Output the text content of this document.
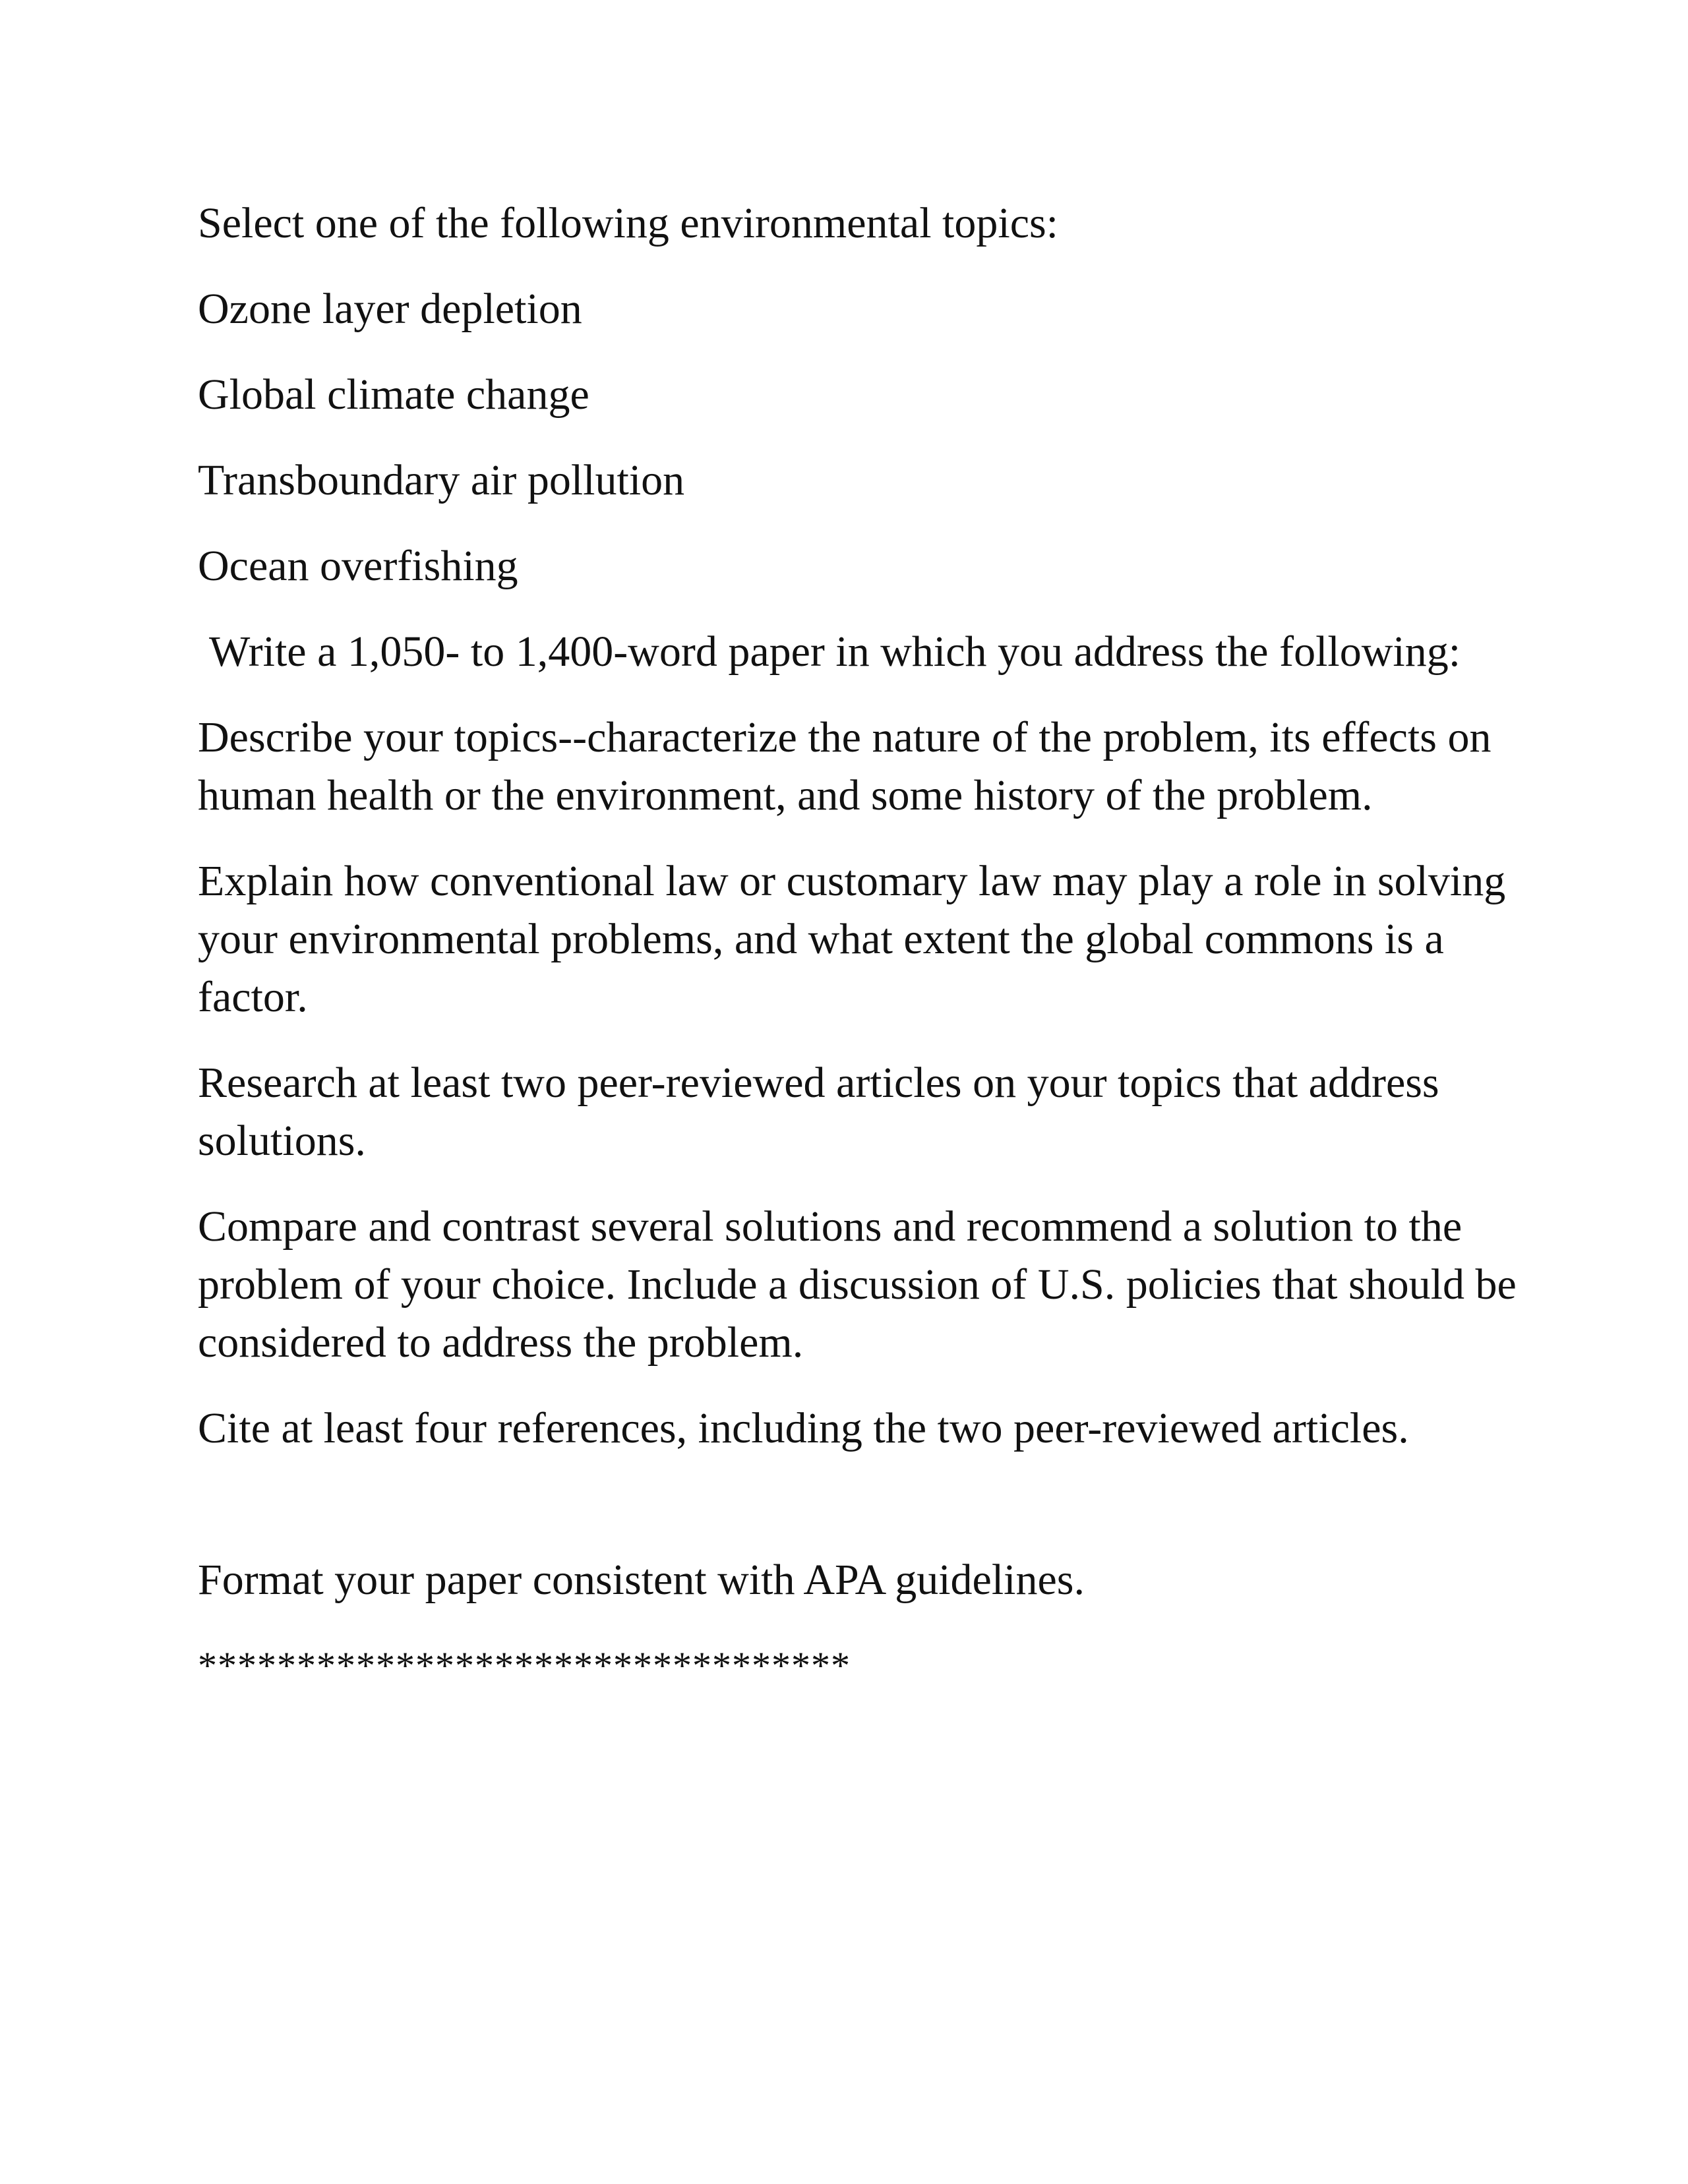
Select one of the following environmental topics:

Ozone layer depletion

Global climate change

Transboundary air pollution

Ocean overfishing

Write a 1,050- to 1,400-word paper in which you address the following:

Describe your topics--characterize the nature of the problem, its effects on human health or the environment, and some history of the problem.

Explain how conventional law or customary law may play a role in solving your environmental problems, and what extent the global commons is a factor.

Research at least two peer-reviewed articles on your topics that address solutions.

Compare and contrast several solutions and recommend a solution to the problem of your choice. Include a discussion of U.S. policies that should be considered to address the problem.

Cite at least four references, including the two peer-reviewed articles.

Format your paper consistent with APA guidelines.

*********************************
